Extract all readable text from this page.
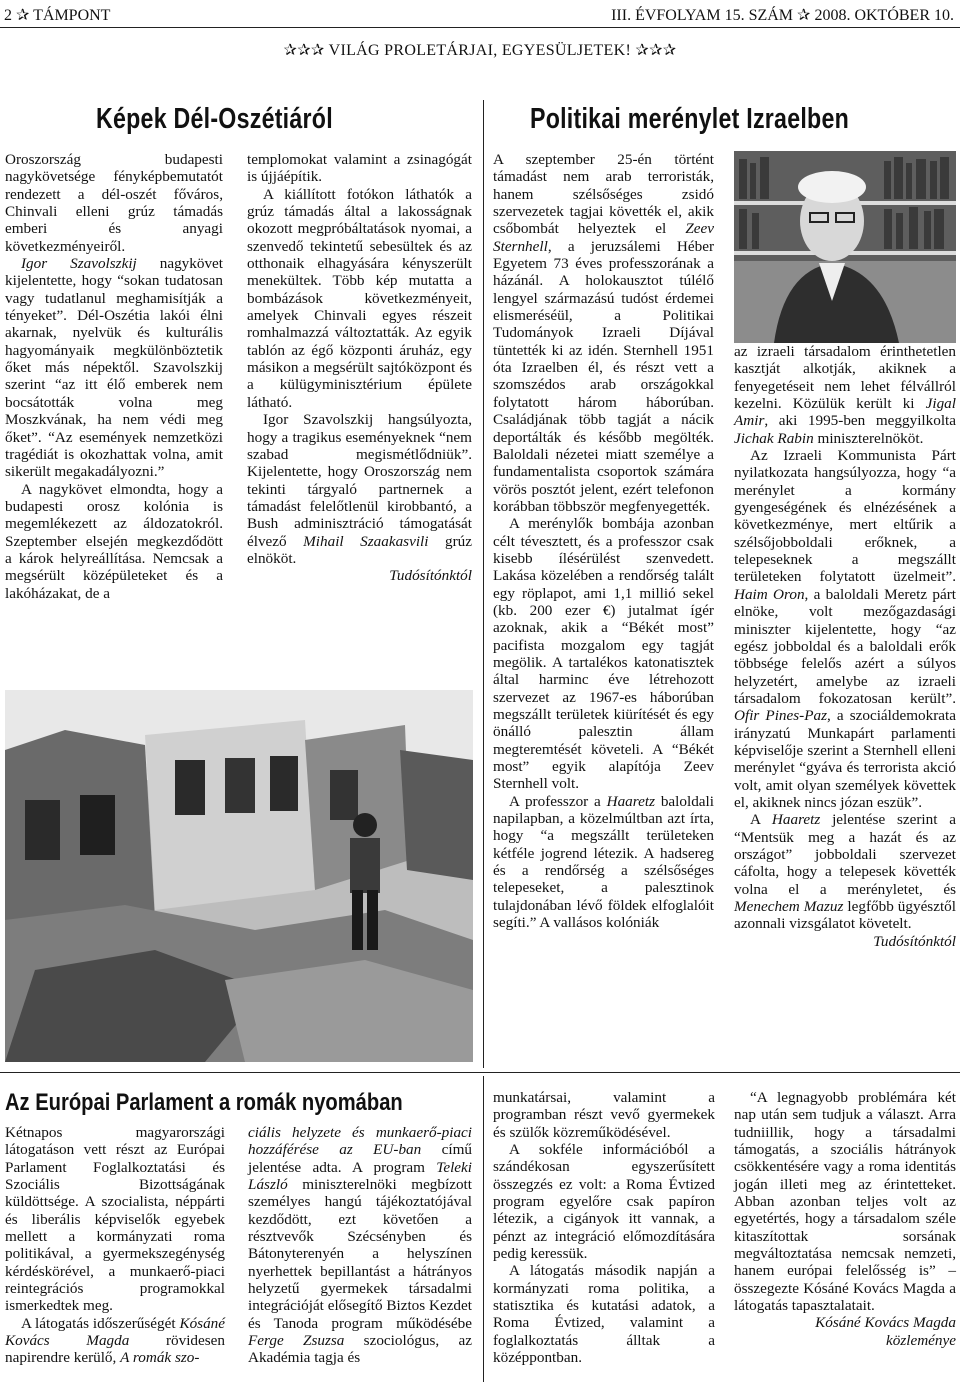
2 ✰ TÁMPONT	III. ÉVFOLYAM 15. SZÁM ✰ 2008. OKTÓBER 10.
✰✰✰ VILÁG PROLETÁRJAI, EGYESÜLJETEK! ✰✰✰
Képek Dél-Oszétiáról

Oroszország budapesti nagykövetsége fényképbemutatót rendezett a dél-oszét főváros, Chinvali elleni grúz támadás emberi és anyagi következményeiről.

Igor Szavolszkij nagykövet kijelentette, hogy “sokan tudatosan vagy tudatlanul meghamisítják a tényeket”. Dél-Oszétia lakói élni akarnak, nyelvük és kulturális hagyományaik megkülönböztetik őket más népektől. Szavolszkij szerint “az itt élő emberek nem bocsátották volna meg Moszkvának, ha nem védi meg őket”. “Az események nemzetközi tragédiát is okozhattak volna, amit sikerült megakadályozni.”

A nagykövet elmondta, hogy a budapesti orosz kolónia is megemlékezett az áldozatokról. Szeptember elsején megkezdődött a károk helyreállítása. Nemcsak a megsérült középületeket és a lakóházakat, de a

templomokat valamint a zsinagógát is újjáépítik.

A kiállított fotókon láthatók a grúz támadás által a lakosságnak okozott megpróbáltatások nyomai, a szenvedő tekintetű sebesültek és az otthonaik elhagyására kényszerült menekültek. Több kép mutatta a bombázások következményeit, amelyek Chinvali egyes részeit romhalmazzá változtatták. Az egyik tablón az égő központi áruház, egy másikon a megsérült sajtóközpont és a külügyminisztérium épülete látható.

Igor Szavolszkij hangsúlyozta, hogy a tragikus eseményeknek “nem szabad megismétlődniük”. Kijelentette, hogy Oroszország nem tekinti tárgyaló partnernek a támadást felelőtlenül kirobbantó, a Bush adminisztráció támogatását élvező Mihail Szaakasvili grúz elnököt.

Tudósítónktól

Politikai merénylet Izraelben

A szeptember 25-én történt támadást nem arab terroristák, hanem szélsőséges zsidó szervezetek tagjai követték el, akik csőbombát helyeztek el Zeev Sternhell, a jeruzsálemi Héber Egyetem 73 éves professzorának a házánál. A holokausztot túlélő lengyel származású tudóst érdemei elismeréséül, a Politikai Tudományok Izraeli Díjával tüntették ki az idén. Sternhell 1951 óta Izraelben él, és részt vett a szomszédos arab országokkal folytatott három háborúban. Családjának több tagját a nácik deportálták és később megölték. Baloldali nézetei miatt személye a fundamentalista csoportok számára vörös posztót jelent, ezért telefonon korábban többször megfenyegették.

A merénylők bombája azonban célt tévesztett, és a professzor csak kisebb ílésérülést szenvedett. Lakása közelében a rendőrség talált egy röplapot, ami 1,1 millió sekel (kb. 200 ezer €) jutalmat ígér azoknak, akik a “Békét most” pacifista mozgalom egy tagját megölik. A tartalékos katonatisztek által harminc éve létrehozott szervezet az 1967-es háborúban megszállt területek kiürítését és egy önálló palesztin állam megteremtését követeli. A “Békét most” egyik alapítója Zeev Sternhell volt.

A professzor a Haaretz baloldali napilapban, a közelmúltban azt írta, hogy “a megszállt területeken kétféle jogrend létezik. A hadsereg és a rendőrség a szélsőséges telepeseket, a palesztinok tulajdonában lévő földek elfoglalóit segíti.” A vallásos kolóniák

az izraeli társadalom érinthetetlen kasztját alkotják, akiknek a fenyegetéseit nem lehet félvállról kezelni. Közülük került ki Jigal Amir, aki 1995-ben meggyilkolta Jichak Rabin miniszterelnököt.

Az Izraeli Kommunista Párt nyilatkozata hangsúlyozza, hogy “a merénylet a kormány gyengeségének és elnézésének a következménye, mert eltűrik a szélsőjobboldali erőknek, a telepeseknek a megszállt területeken folytatott üzelmeit”. Haim Oron, a baloldali Meretz párt elnöke, volt mezőgazdasági miniszter kijelentette, hogy “az egész jobboldal és a baloldali erők többsége felelős azért a súlyos helyzetért, amelybe az izraeli társadalom fokozatosan került”. Ofir Pines-Paz, a szociáldemokrata irányzatú Munkapárt parlamenti képviselője szerint a Sternhell elleni merénylet “gyáva és terrorista akció volt, amit olyan személyek követtek el, akiknek nincs józan eszük”.

A Haaretz jelentése szerint a “Mentsük meg a hazát és az országot” jobboldali szervezet cáfolta, hogy a telepesek követték volna el a merényletet, és Menechem Mazuz legfőbb ügyésztől azonnali vizsgálatot követelt.

Tudósítónktól

Az Európai Parlament a romák nyomában

Kétnapos magyarországi látogatáson vett részt az Európai Parlament Foglalkoztatási és Szociális Bizottságának küldöttsége. A szocialista, néppárti és liberális képviselők egyebek mellett a kormányzati roma politikával, a gyermekszegénység kérdéskörével, a munkaerő-piaci reintegrációs programokkal ismerkedtek meg.

A látogatás időszerűségét Kósáné Kovács Magda rövidesen napirendre kerülő, A romák szo-

ciális helyzete és munkaerő-piaci hozzáférése az EU-ban című jelentése adta. A program Teleki László miniszterelnöki megbízott személyes hangú tájékoztatójával kezdődött, ezt követően a résztvevők Szécsényben és Bátonyterenyén a helyszínen nyerhettek bepillantást a hátrányos helyzetű gyermekek társadalmi integrációját elősegítő Biztos Kezdet és Tanoda program működésébe Ferge Zsuzsa szociológus, az Akadémia tagja és

munkatársai, valamint a programban részt vevő gyermekek és szülők közreműködésével.

A sokféle információból a szándékosan egyszerűsített összegzés ez volt: a Roma Évtized program egyelőre csak papíron létezik, a cigányok itt vannak, a pénzt az integráció előmozdítására pedig keressük.

A látogatás második napján a kormányzati roma politika, a statisztika és kutatási adatok, a Roma Évtized, valamint a foglalkoztatás álltak a középpontban.

“A legnagyobb problémára két nap után sem tudjuk a választ. Arra tudniillik, hogy a társadalmi támogatás, a szociális hátrányok csökkentésére vagy a roma identitás jogán illeti meg az érintetteket. Abban azonban teljes volt az egyetértés, hogy a társadalom széle kitaszítottak sorsának megváltoztatása nemcsak nemzeti, hanem európai felelősség is” – összegezte Kósáné Kovács Magda a látogatás tapasztalatait.

Kósáné Kovács Magda

közleménye
